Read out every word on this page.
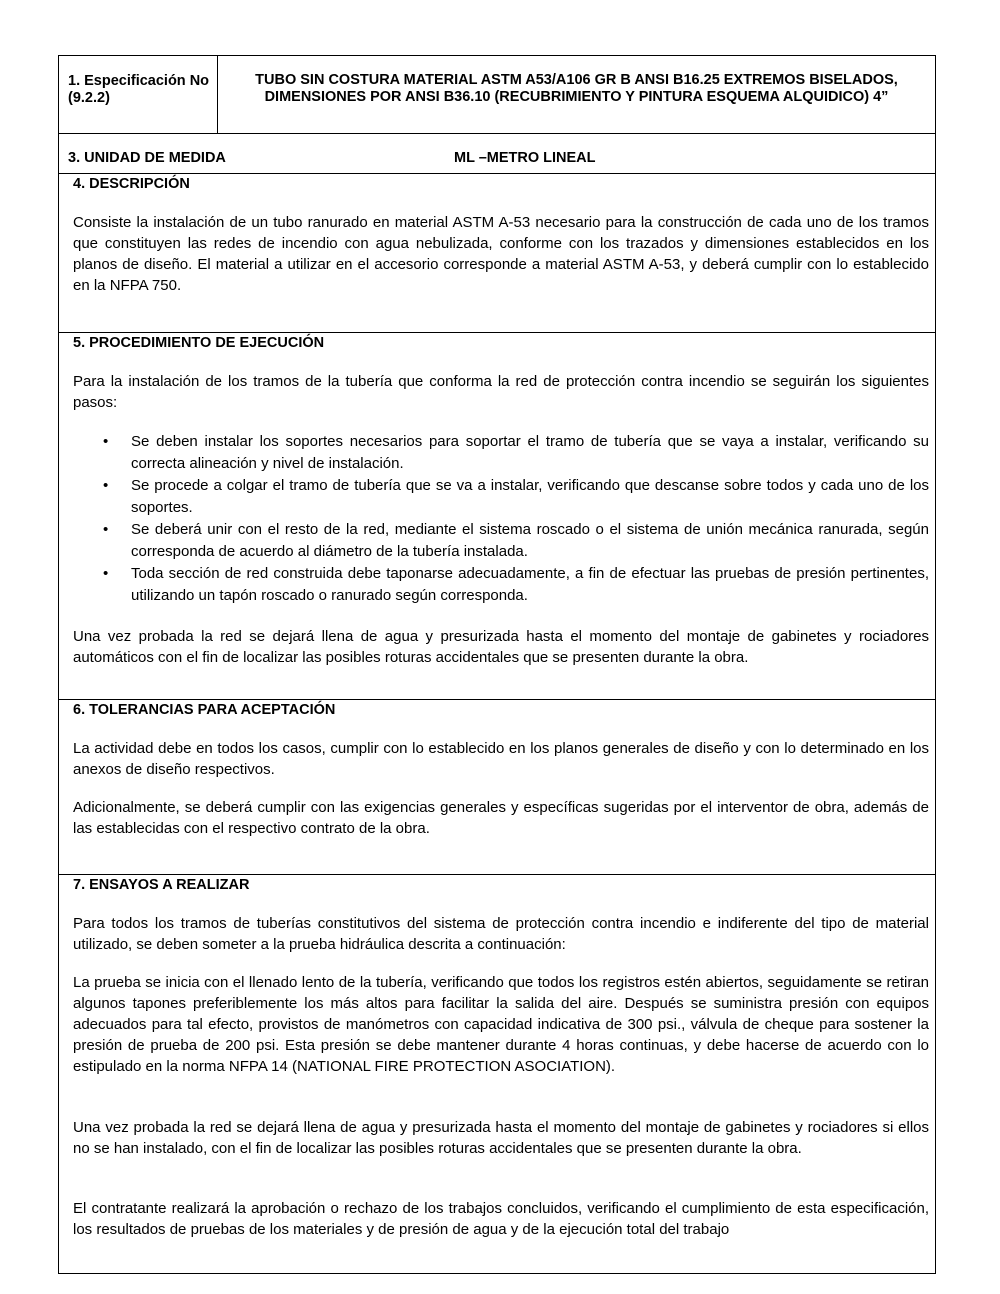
1. Especificación No (9.2.2)

TUBO SIN COSTURA MATERIAL ASTM A53/A106 GR B ANSI B16.25 EXTREMOS BISELADOS, DIMENSIONES POR ANSI B36.10 (RECUBRIMIENTO Y PINTURA ESQUEMA ALQUIDICO) 4”

3. UNIDAD DE MEDIDA	ML –METRO LINEAL

4. DESCRIPCIÓN

Consiste la instalación de un tubo ranurado en material ASTM A-53 necesario para la construcción de cada uno de los tramos que constituyen las redes de incendio con agua nebulizada, conforme con los trazados y dimensiones establecidos en los planos de diseño. El material a utilizar en el accesorio corresponde a material ASTM A-53, y deberá cumplir con lo establecido en la NFPA 750.

5. PROCEDIMIENTO DE EJECUCIÓN

Para la instalación de los tramos de la tubería que conforma la red de protección contra incendio se seguirán los siguientes pasos:

• Se deben instalar los soportes necesarios para soportar el tramo de tubería que se vaya a instalar, verificando su correcta alineación y nivel de instalación.
• Se procede a colgar el tramo de tubería que se va a instalar, verificando que descanse sobre todos y cada uno de los soportes.
• Se deberá unir con el resto de la red, mediante el sistema roscado o el sistema de unión mecánica ranurada, según corresponda de acuerdo al diámetro de la tubería instalada.
• Toda sección de red construida debe taponarse adecuadamente, a fin de efectuar las pruebas de presión pertinentes, utilizando un tapón roscado o ranurado según corresponda.

Una vez probada la red se dejará llena de agua y presurizada hasta el momento del montaje de gabinetes y rociadores automáticos con el fin de localizar las posibles roturas accidentales que se presenten durante la obra.

6. TOLERANCIAS PARA ACEPTACIÓN

La actividad debe en todos los casos, cumplir con lo establecido en los planos generales de diseño y con lo determinado en los anexos de diseño respectivos.

Adicionalmente, se deberá cumplir con las exigencias generales y específicas sugeridas por el interventor de obra, además de las establecidas con el respectivo contrato de la obra.

7. ENSAYOS A REALIZAR

Para todos los tramos de tuberías constitutivos del sistema de protección contra incendio e indiferente del tipo de material utilizado, se deben someter a la prueba hidráulica descrita a continuación:

La prueba se inicia con el llenado lento de la tubería, verificando que todos los registros estén abiertos, seguidamente se retiran algunos tapones preferiblemente los más altos para facilitar la salida del aire. Después se suministra presión con equipos adecuados para tal efecto, provistos de manómetros con capacidad indicativa de 300 psi., válvula de cheque para sostener la presión de prueba de 200 psi. Esta presión se debe mantener durante 4 horas continuas, y debe hacerse de acuerdo con lo estipulado en la norma NFPA 14 (NATIONAL FIRE PROTECTION ASOCIATION).

Una vez probada la red se dejará llena de agua y presurizada hasta el momento del montaje de gabinetes y rociadores si ellos no se han instalado, con el fin de localizar las posibles roturas accidentales que se presenten durante la obra.

El contratante realizará la aprobación o rechazo de los trabajos concluidos, verificando el cumplimiento de esta especificación, los resultados de pruebas de los materiales y de presión de agua y de la ejecución total del trabajo
